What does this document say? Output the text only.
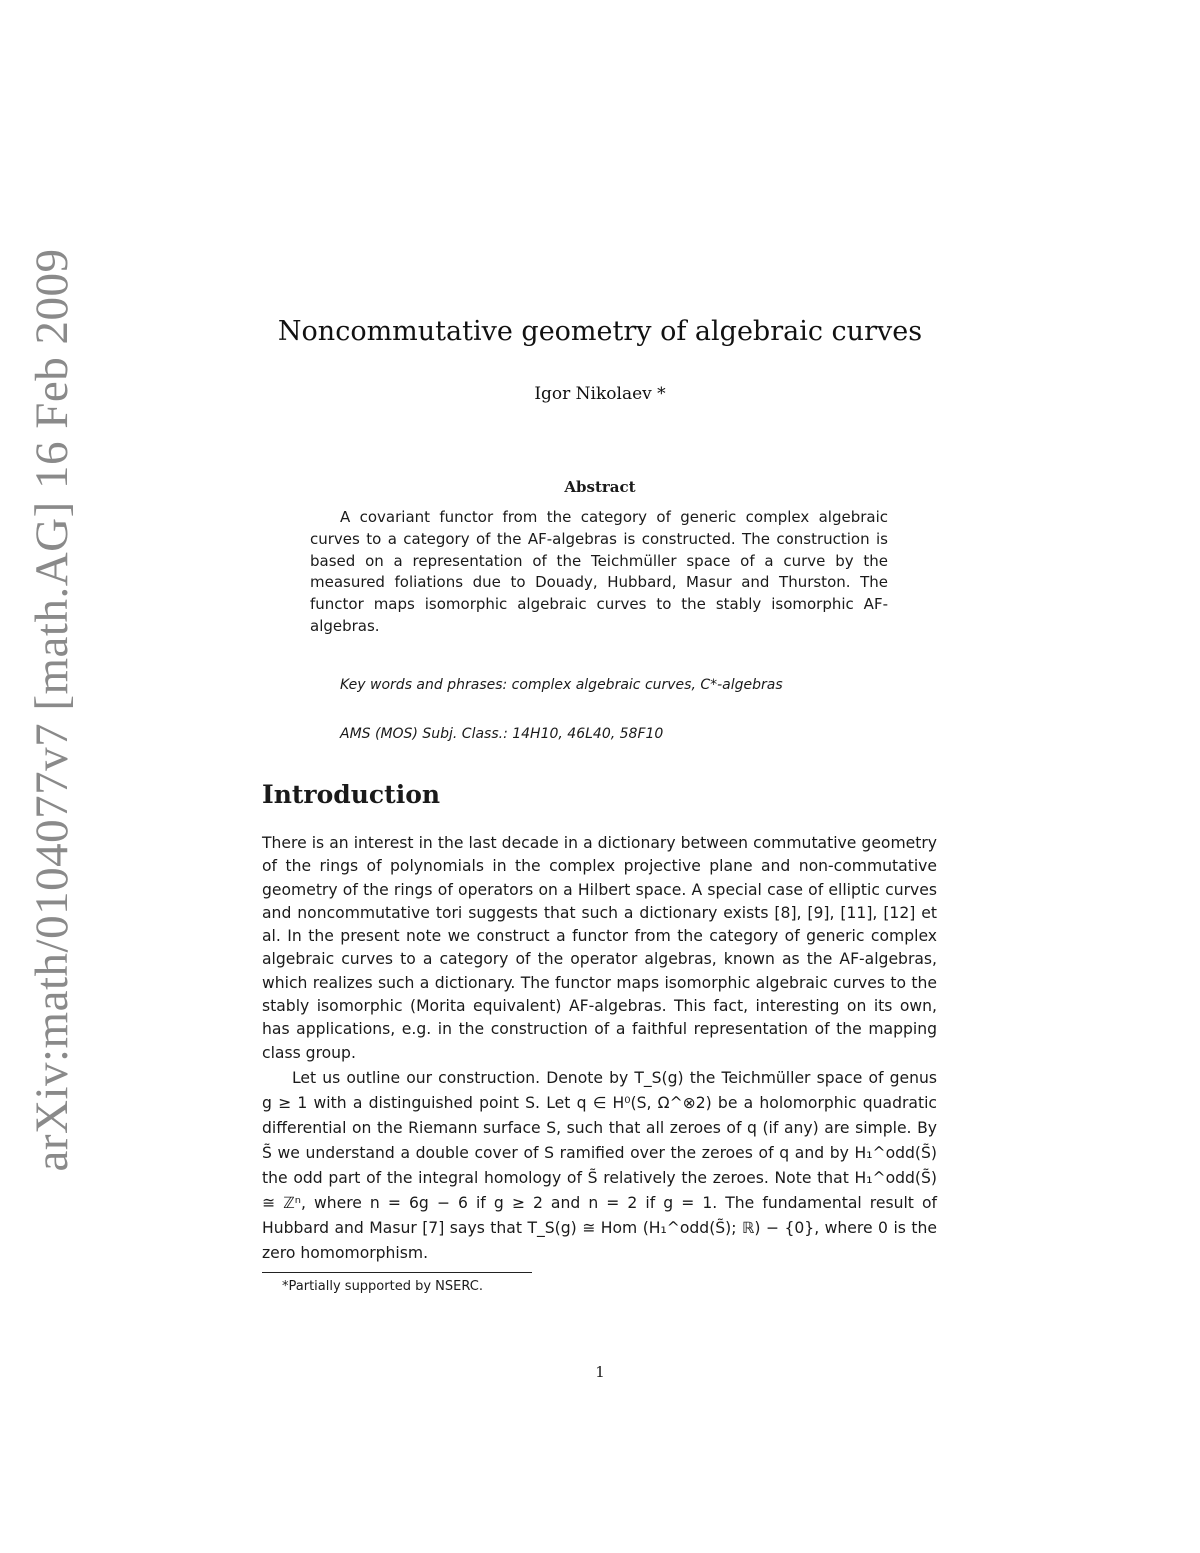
arXiv:math/0104077v7 [math.AG] 16 Feb 2009	Noncommutative geometry of algebraic curves
Igor Nikolaev *
Abstract
A covariant functor from the category of generic complex algebraic curves to a category of the AF-algebras is constructed. The construction is based on a representation of the Teichmüller space of a curve by the measured foliations due to Douady, Hubbard, Masur and Thurston. The functor maps isomorphic algebraic curves to the stably isomorphic AF-algebras.
Key words and phrases: complex algebraic curves, C*-algebras
AMS (MOS) Subj. Class.: 14H10, 46L40, 58F10
Introduction
There is an interest in the last decade in a dictionary between commutative geometry of the rings of polynomials in the complex projective plane and non-commutative geometry of the rings of operators on a Hilbert space. A special case of elliptic curves and noncommutative tori suggests that such a dictionary exists [8], [9], [11], [12] et al. In the present note we construct a functor from the category of generic complex algebraic curves to a category of the operator algebras, known as the AF-algebras, which realizes such a dictionary. The functor maps isomorphic algebraic curves to the stably isomorphic (Morita equivalent) AF-algebras. This fact, interesting on its own, has applications, e.g. in the construction of a faithful representation of the mapping class group.
Let us outline our construction. Denote by T_S(g) the Teichmüller space of genus g ≥ 1 with a distinguished point S. Let q ∈ H⁰(S, Ω^⊗2) be a holomorphic quadratic differential on the Riemann surface S, such that all zeroes of q (if any) are simple. By S̃ we understand a double cover of S ramified over the zeroes of q and by H₁^odd(S̃) the odd part of the integral homology of S̃ relatively the zeroes. Note that H₁^odd(S̃) ≅ ℤⁿ, where n = 6g − 6 if g ≥ 2 and n = 2 if g = 1. The fundamental result of Hubbard and Masur [7] says that T_S(g) ≅ Hom (H₁^odd(S̃); ℝ) − {0}, where 0 is the zero homomorphism.
*Partially supported by NSERC.
1
